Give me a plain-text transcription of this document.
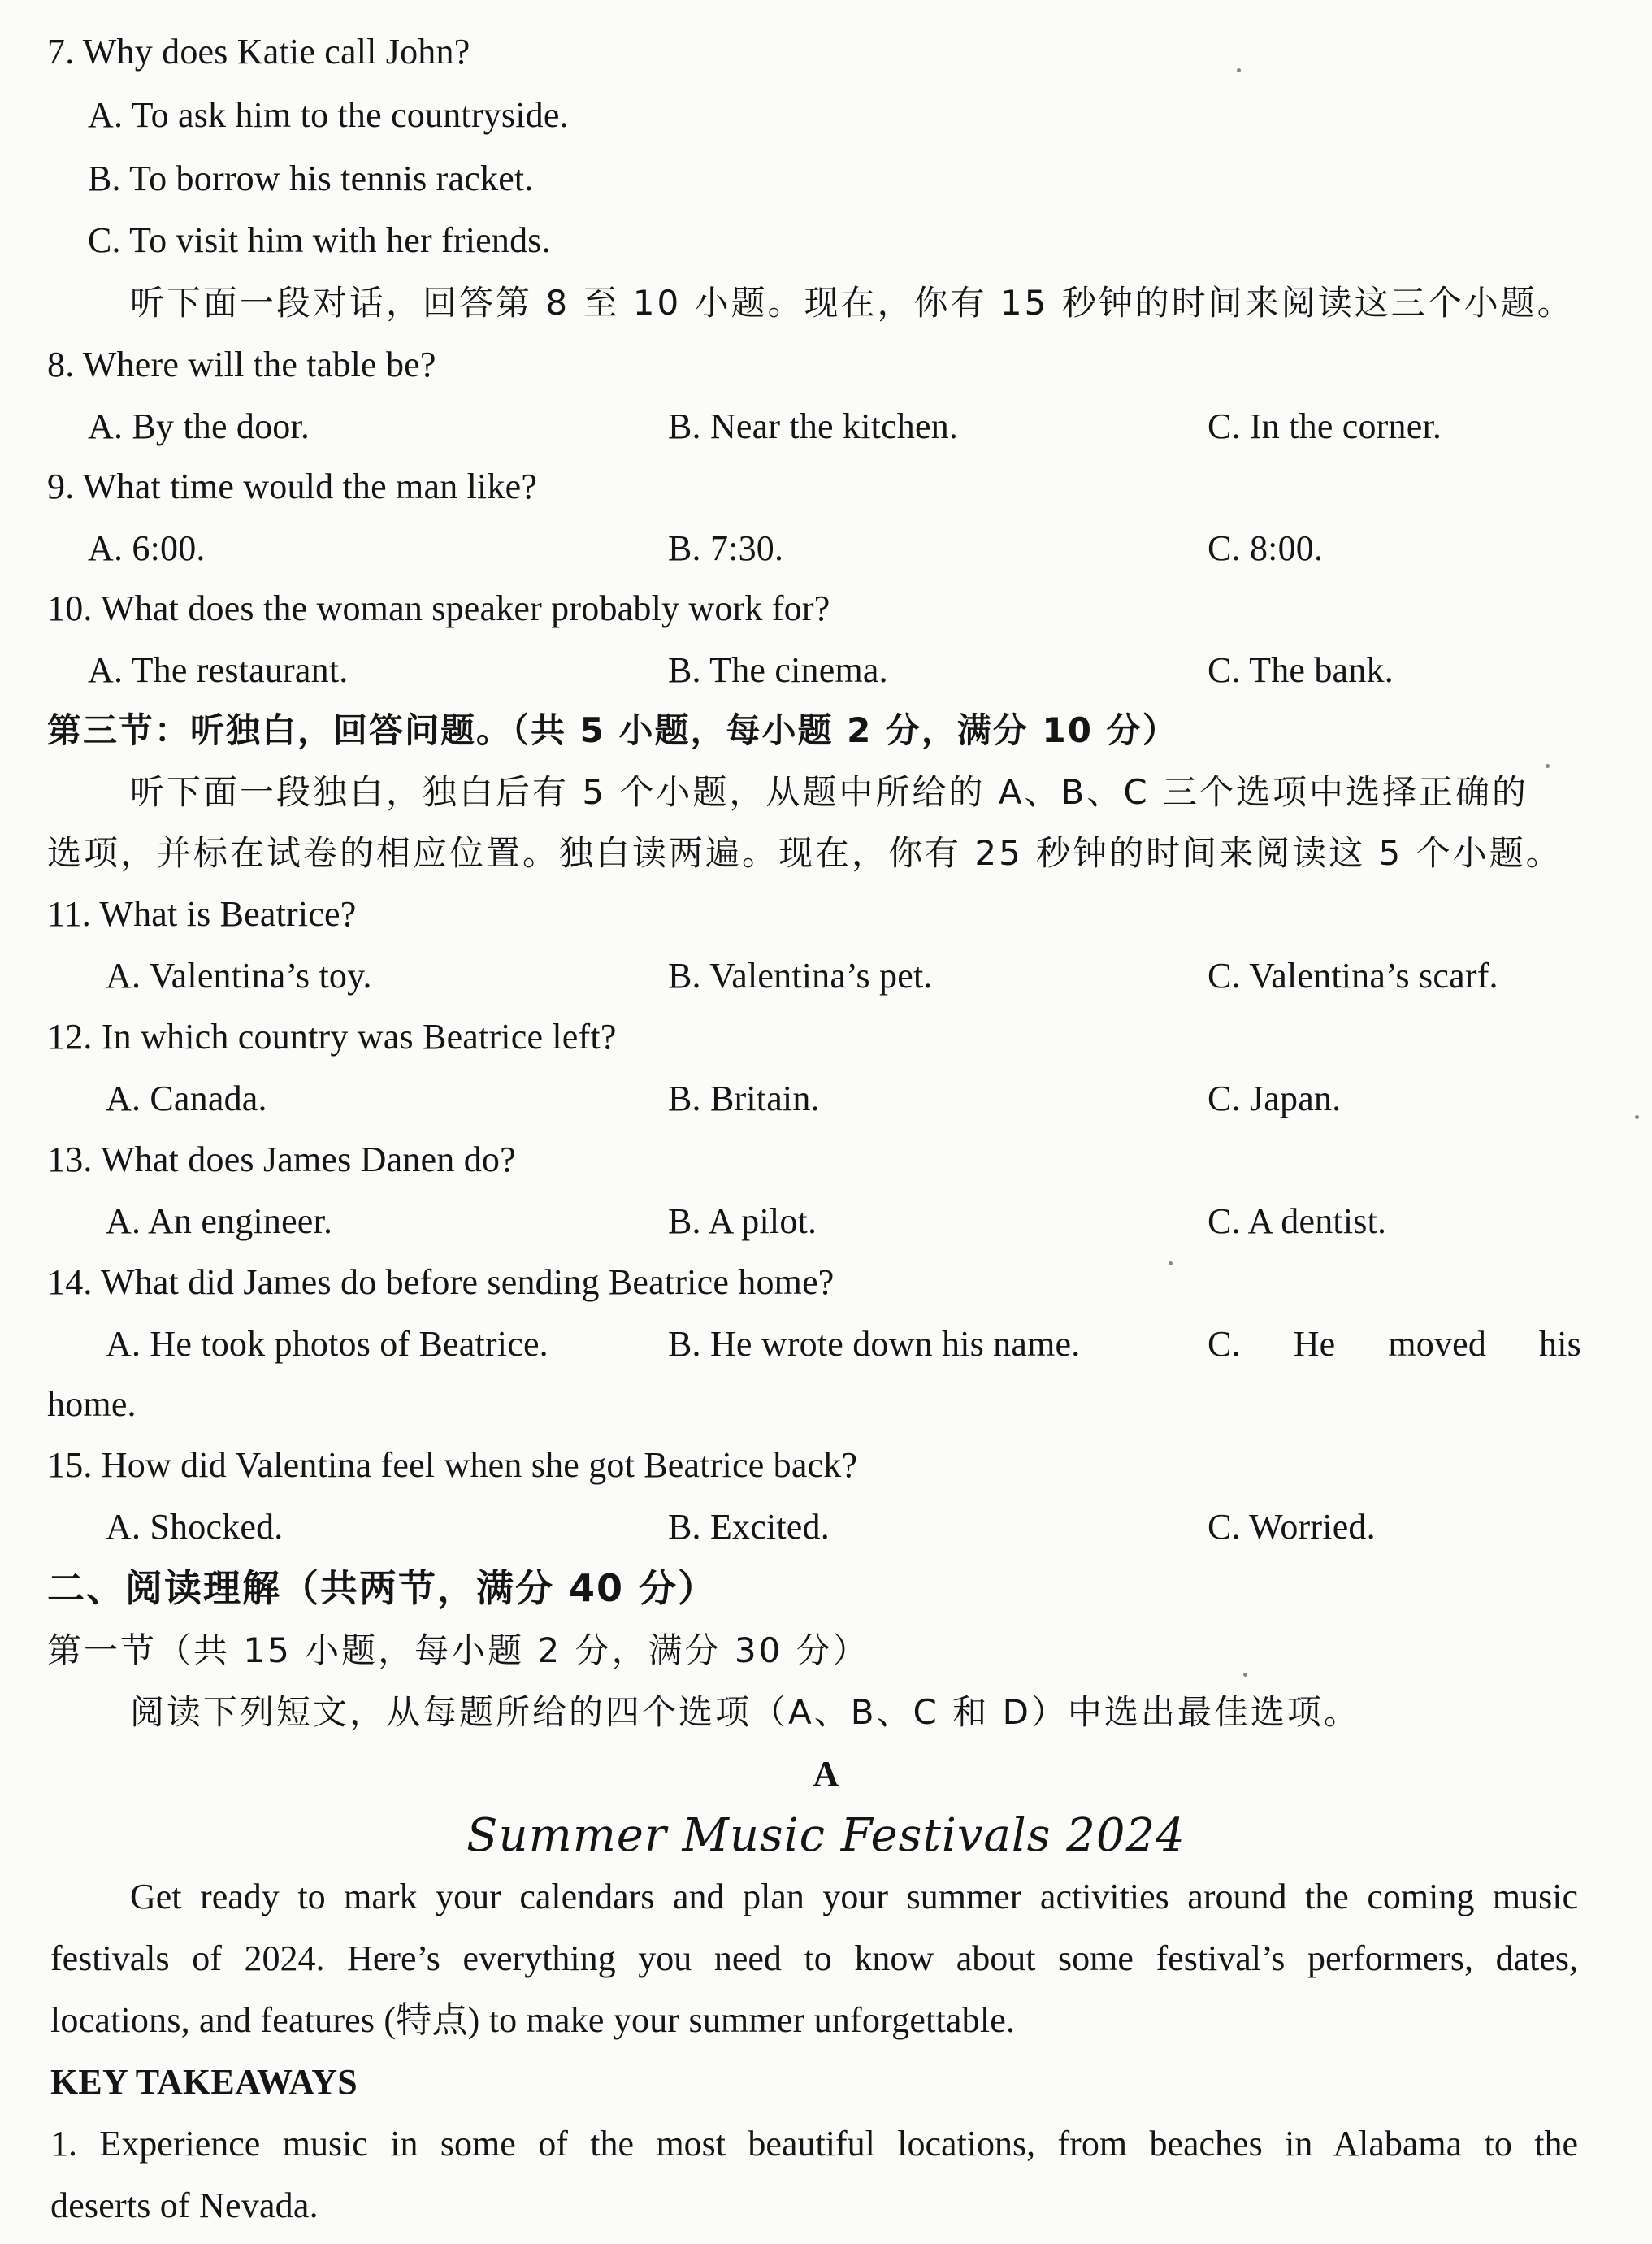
7. Why does Katie call John?
A. To ask him to the countryside.
B. To borrow his tennis racket.
C. To visit him with her friends.
听下面一段对话，回答第 8 至 10 小题。现在，你有 15 秒钟的时间来阅读这三个小题。
8. Where will the table be?
A. By the door.	B. Near the kitchen.	C. In the corner.
9. What time would the man like?
A. 6:00.	B. 7:30.	C. 8:00.
10. What does the woman speaker probably work for?
A. The restaurant.	B. The cinema.	C. The bank.
第三节：听独白，回答问题。（共 5 小题，每小题 2 分，满分 10 分）
听下面一段独白，独白后有 5 个小题，从题中所给的 A、B、C 三个选项中选择正确的
选项，并标在试卷的相应位置。独白读两遍。现在，你有 25 秒钟的时间来阅读这 5 个小题。
11. What is Beatrice?
A. Valentina’s toy.	B. Valentina’s pet.	C. Valentina’s scarf.
12. In which country was Beatrice left?
A. Canada.	B. Britain.	C. Japan.
13. What does James Danen do?
A. An engineer.	B. A pilot.	C. A dentist.
14. What did James do before sending Beatrice home?
A. He took photos of Beatrice.	B. He wrote down his name.	C. He moved his
home.
15. How did Valentina feel when she got Beatrice back?
A. Shocked.	B. Excited.	C. Worried.
二、阅读理解（共两节，满分 40 分）
第一节（共 15 小题，每小题 2 分，满分 30 分）
阅读下列短文，从每题所给的四个选项（A、B、C 和 D）中选出最佳选项。
A
Summer Music Festivals 2024
Get ready to mark your calendars and plan your summer activities around the coming music
festivals of 2024. Here’s everything you need to know about some festival’s performers, dates,
locations, and features (特点) to make your summer unforgettable.
KEY TAKEAWAYS
1. Experience music in some of the most beautiful locations, from beaches in Alabama to the
deserts of Nevada.
